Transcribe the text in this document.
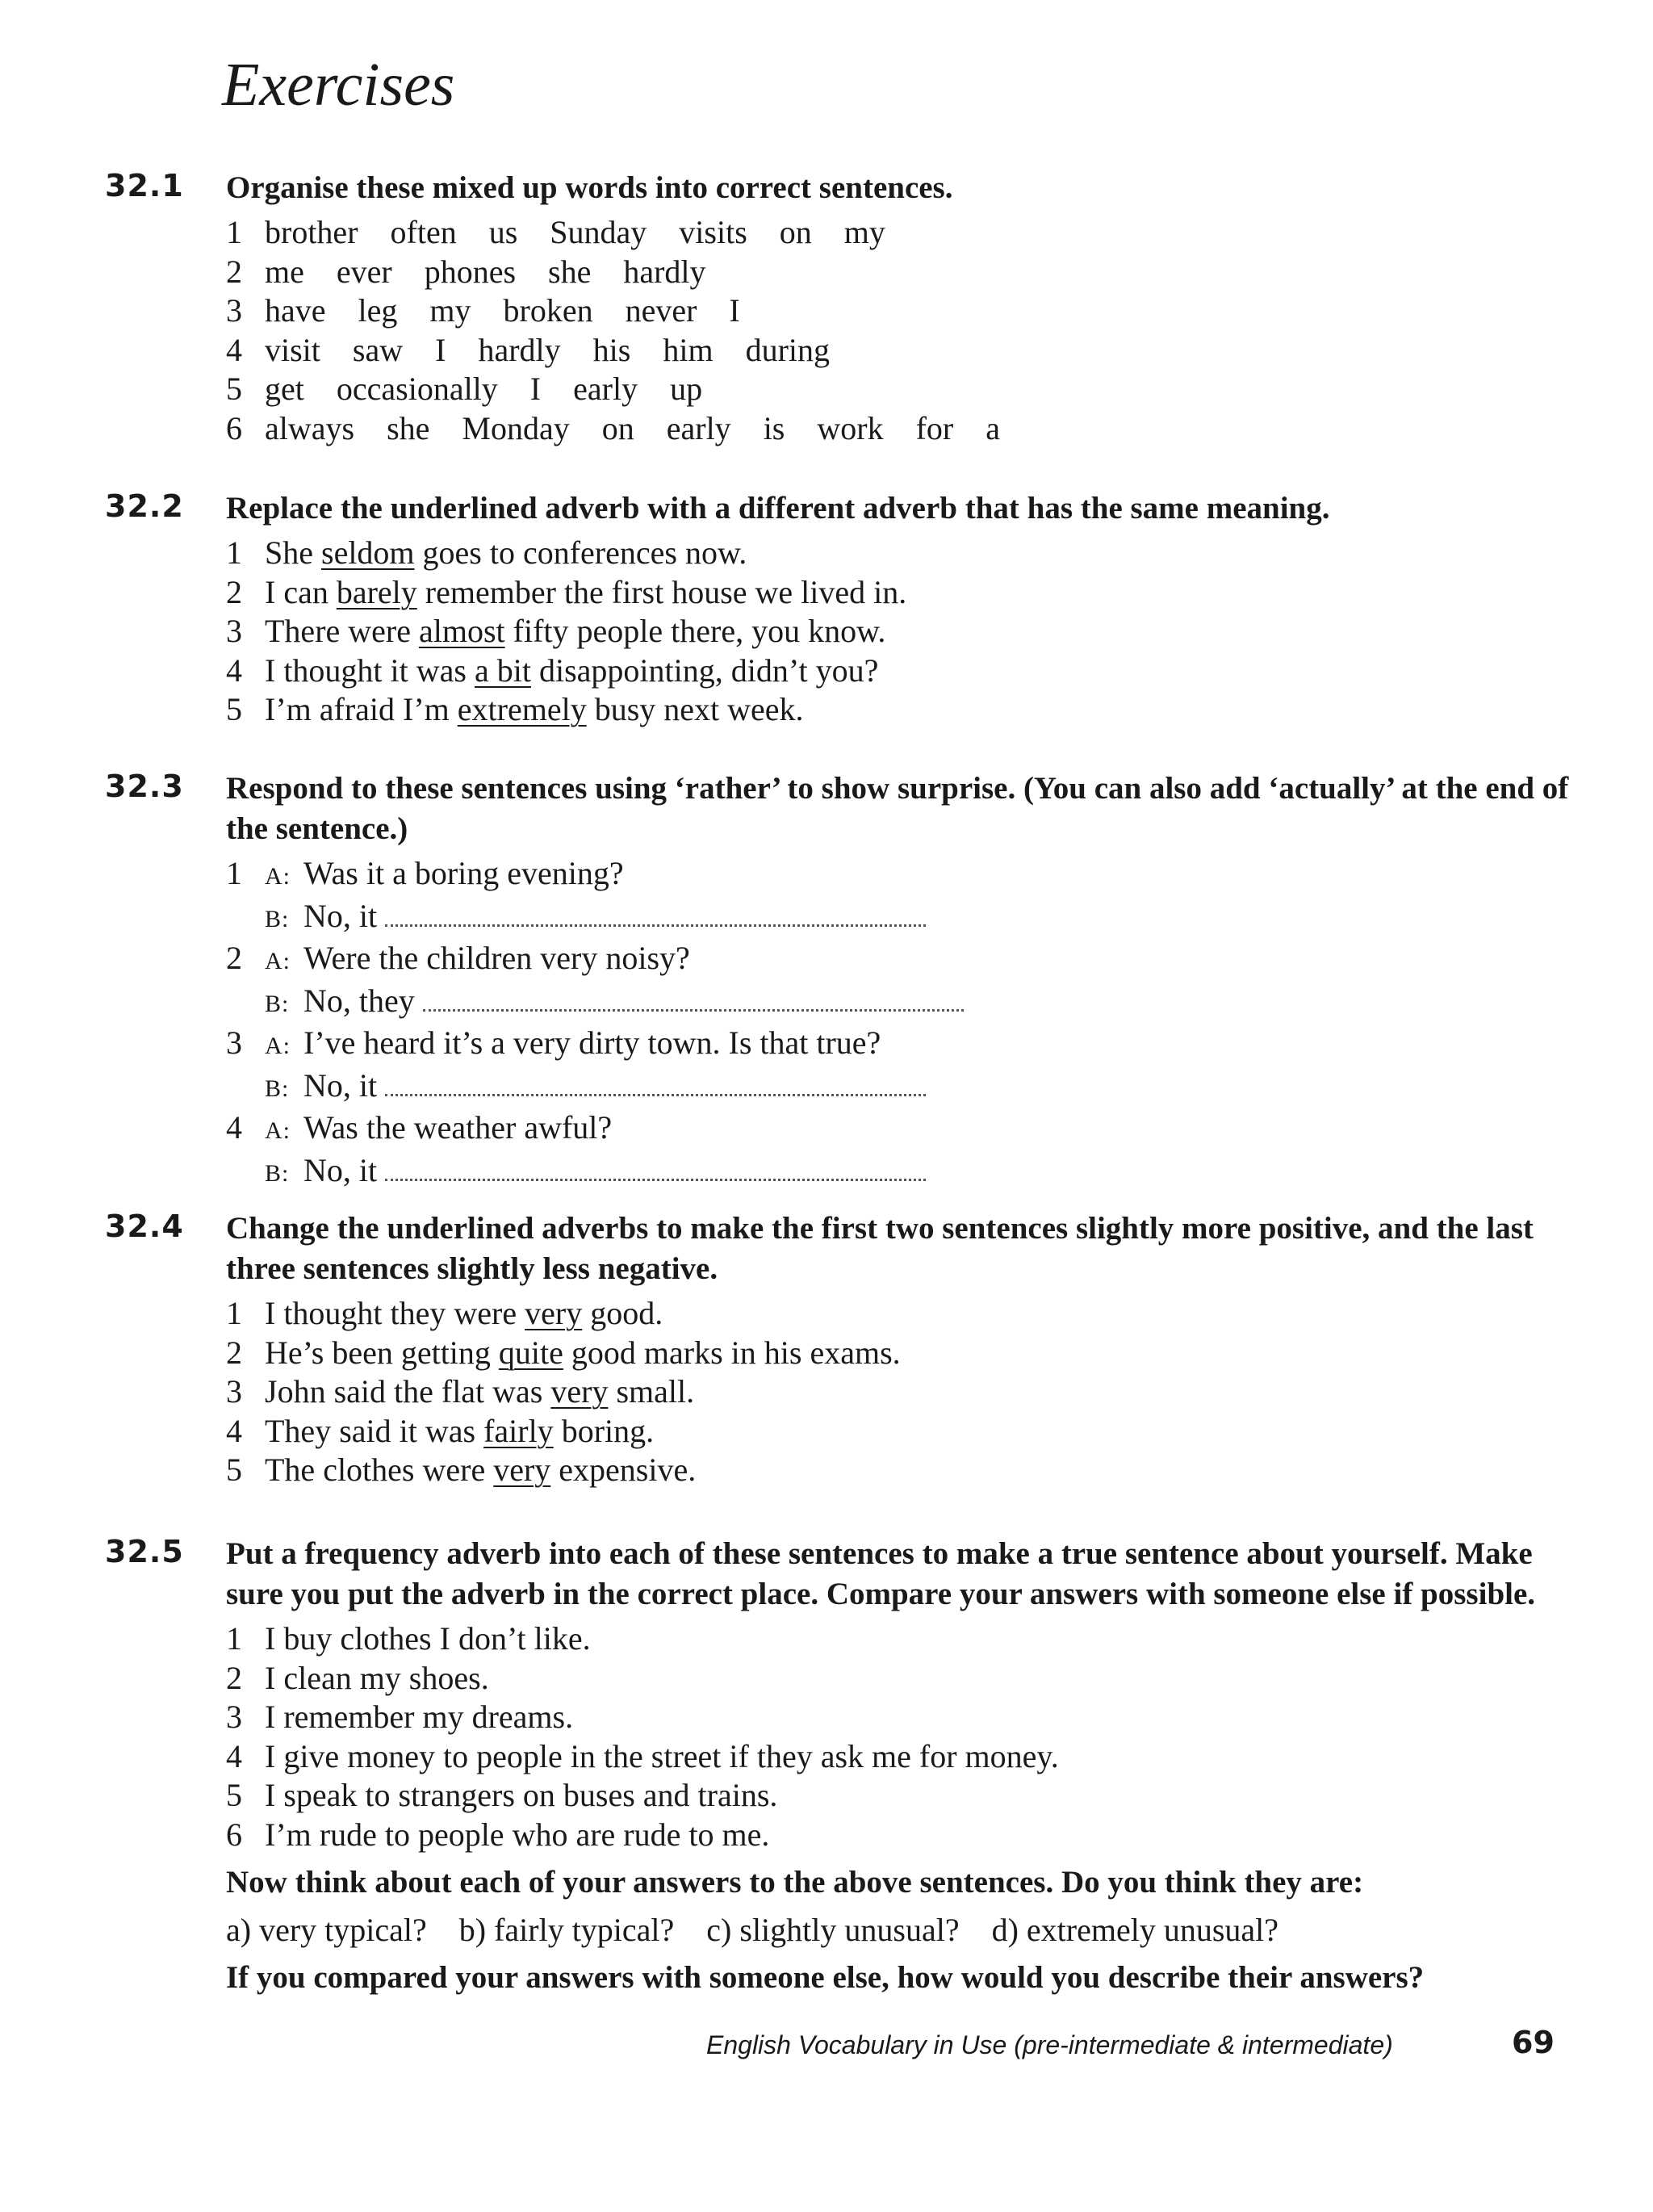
Exercises
32.1 Organise these mixed up words into correct sentences.

1 brother often us Sunday visits on my
2 me ever phones she hardly
3 have leg my broken never I
4 visit saw I hardly his him during
5 get occasionally I early up
6 always she Monday on early is work for a
32.2 Replace the underlined adverb with a different adverb that has the same meaning.

1 She seldom goes to conferences now.
2 I can barely remember the first house we lived in.
3 There were almost fifty people there, you know.
4 I thought it was a bit disappointing, didn’t you?
5 I’m afraid I’m extremely busy next week.
32.3 Respond to these sentences using ‘rather’ to show surprise. (You can also add ‘actually’ at the end of the sentence.)

1 A: Was it a boring evening?
B: No, it
2 A: Were the children very noisy?
B: No, they
3 A: I’ve heard it’s a very dirty town. Is that true?
B: No, it
4 A: Was the weather awful?
B: No, it
32.4 Change the underlined adverbs to make the first two sentences slightly more positive, and the last three sentences slightly less negative.

1 I thought they were very good.
2 He’s been getting quite good marks in his exams.
3 John said the flat was very small.
4 They said it was fairly boring.
5 The clothes were very expensive.
32.5 Put a frequency adverb into each of these sentences to make a true sentence about yourself. Make sure you put the adverb in the correct place. Compare your answers with someone else if possible.

1 I buy clothes I don’t like.
2 I clean my shoes.
3 I remember my dreams.
4 I give money to people in the street if they ask me for money.
5 I speak to strangers on buses and trains.
6 I’m rude to people who are rude to me.

Now think about each of your answers to the above sentences. Do you think they are:

a) very typical? b) fairly typical? c) slightly unusual? d) extremely unusual?

If you compared your answers with someone else, how would you describe their answers?

English Vocabulary in Use (pre-intermediate & intermediate)	69
